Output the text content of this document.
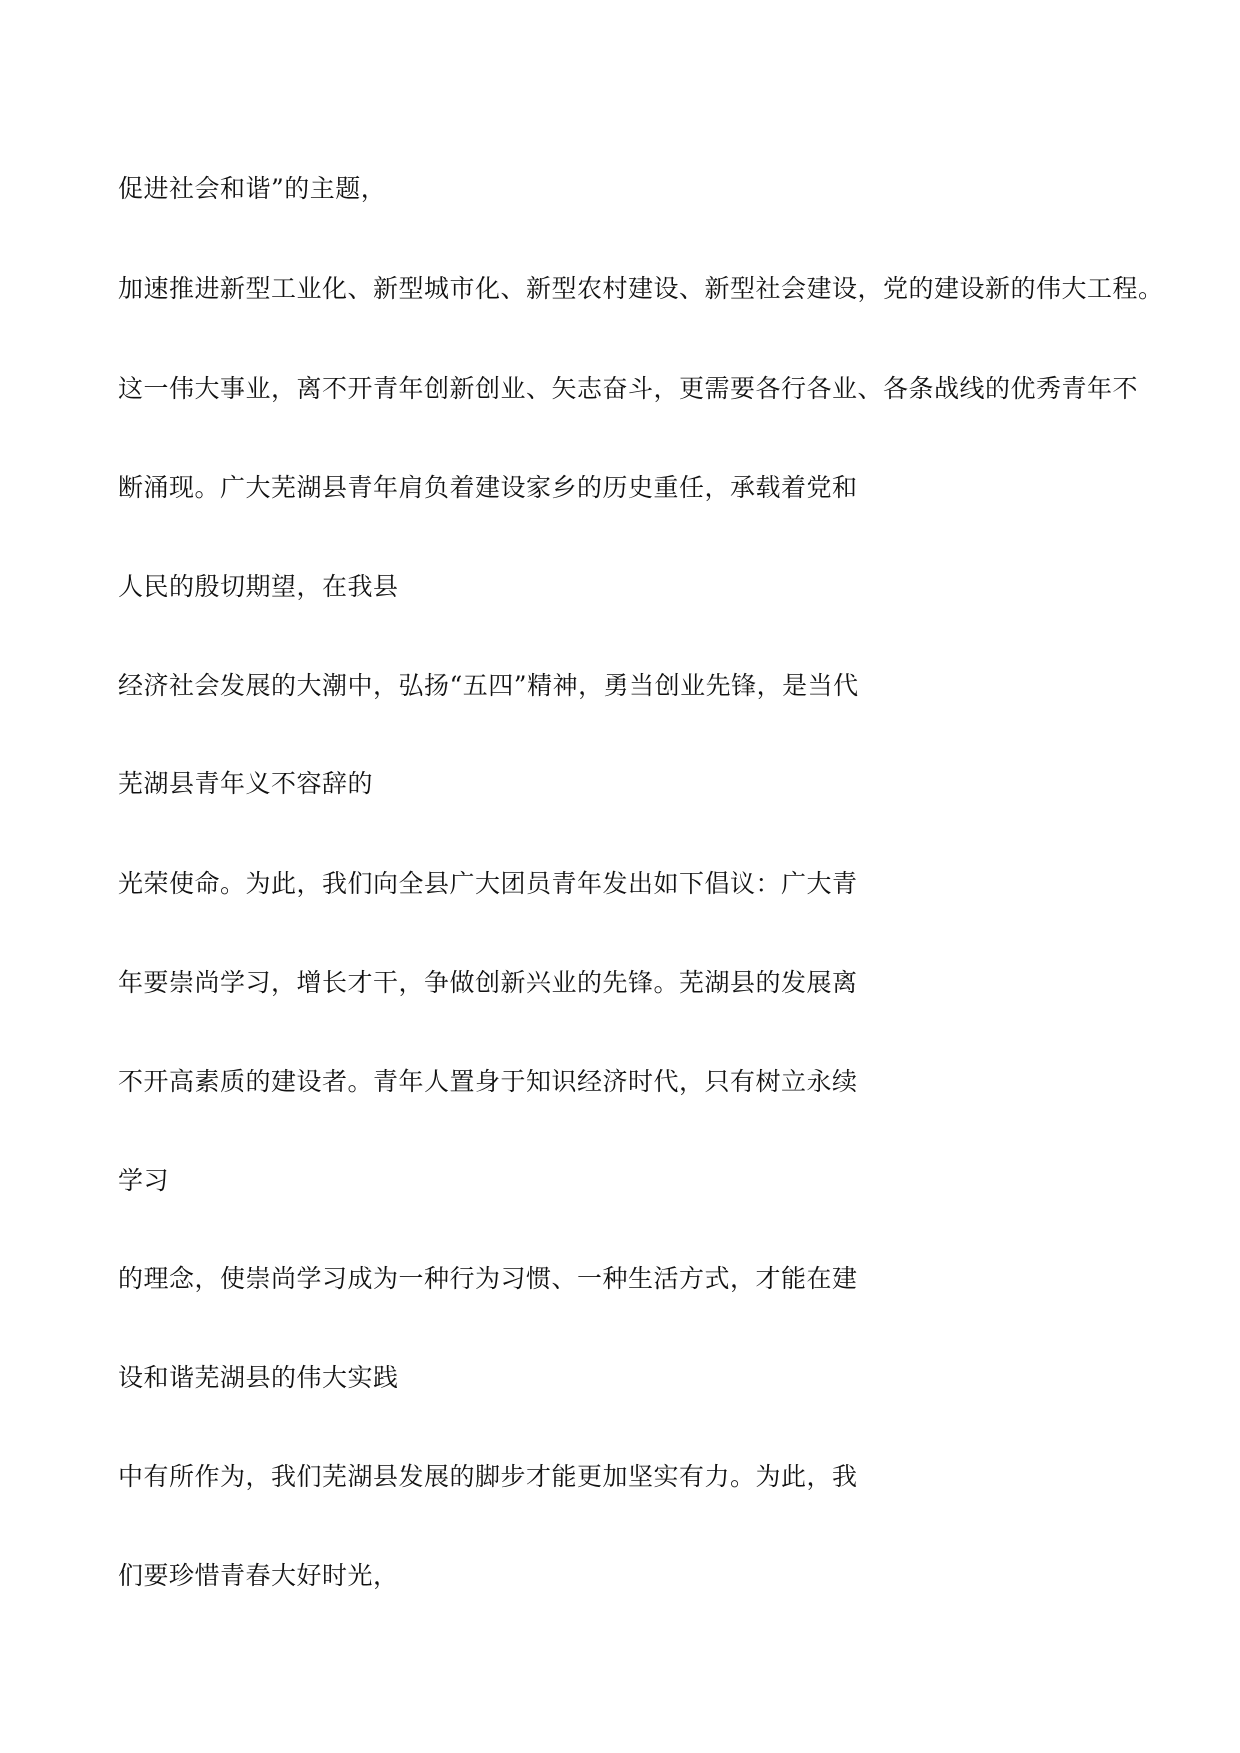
促进社会和谐”的主题，

加速推进新型工业化、新型城市化、新型农村建设、新型社会建设，党的建设新的伟大工程。

这一伟大事业，离不开青年创新创业、矢志奋斗，更需要各行各业、各条战线的优秀青年不

断涌现。广大芜湖县青年肩负着建设家乡的历史重任，承载着党和

人民的殷切期望，在我县

经济社会发展的大潮中，弘扬“五四”精神，勇当创业先锋，是当代

芜湖县青年义不容辞的

光荣使命。为此，我们向全县广大团员青年发出如下倡议：广大青

年要崇尚学习，增长才干，争做创新兴业的先锋。芜湖县的发展离

不开高素质的建设者。青年人置身于知识经济时代，只有树立永续

学习

的理念，使崇尚学习成为一种行为习惯、一种生活方式，才能在建

设和谐芜湖县的伟大实践

中有所作为，我们芜湖县发展的脚步才能更加坚实有力。为此，我

们要珍惜青春大好时光，
